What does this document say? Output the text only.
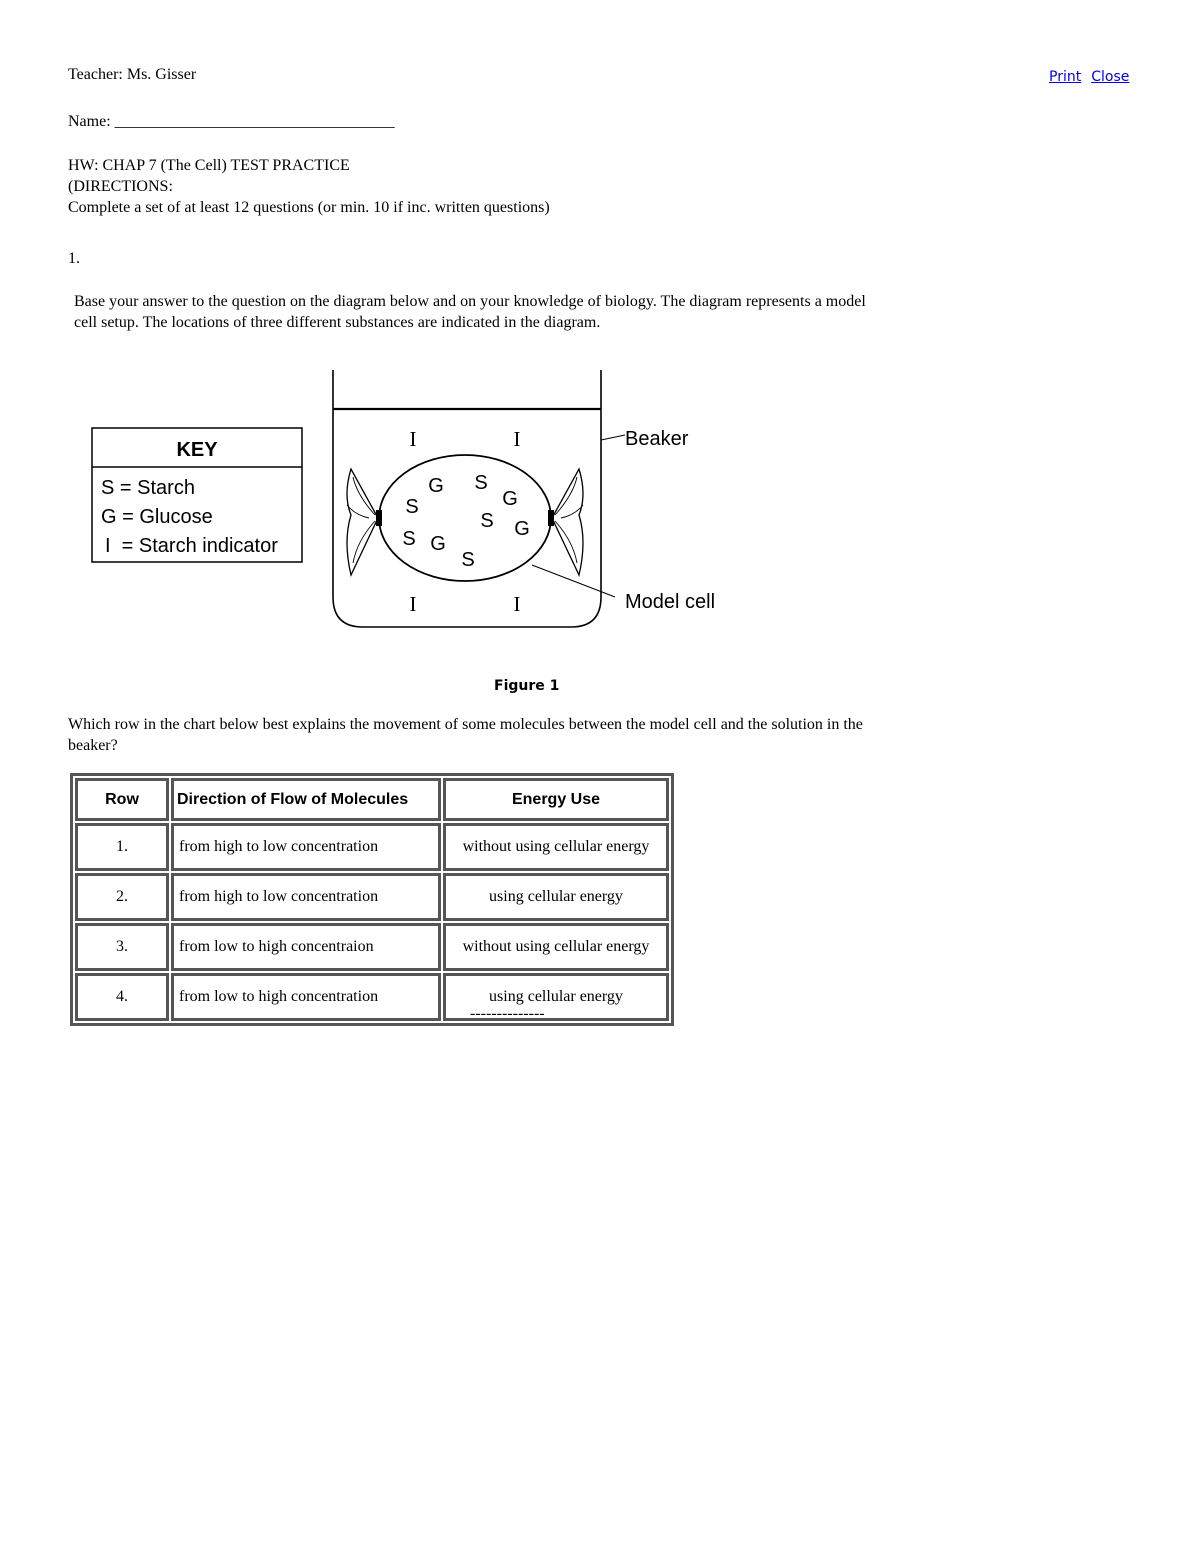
Teacher: Ms. Gisser	Print Close
Name: ___________________________________
HW: CHAP 7 (The Cell) TEST PRACTICE
(DIRECTIONS:
Complete a set of at least 12 questions (or min. 10 if inc. written questions)
1.
Base your answer to the question on the diagram below and on your knowledge of biology. The diagram represents a model
cell setup. The locations of three different substances are indicated in the diagram.
KEY
S = Starch
G = Glucose
I  = Starch indicator
I	I
I	I
G S
G
S
S G
S G
S
Beaker
Model cell
Figure 1
Which row in the chart below best explains the movement of some molecules between the model cell and the solution in the
beaker?
Row	Direction of Flow of Molecules	Energy Use
1.	from high to low concentration	without using cellular energy
2.	from high to low concentration	using cellular energy
3.	from low to high concentraion	without using cellular energy
4.	from low to high concentration	using cellular energy
--------------
